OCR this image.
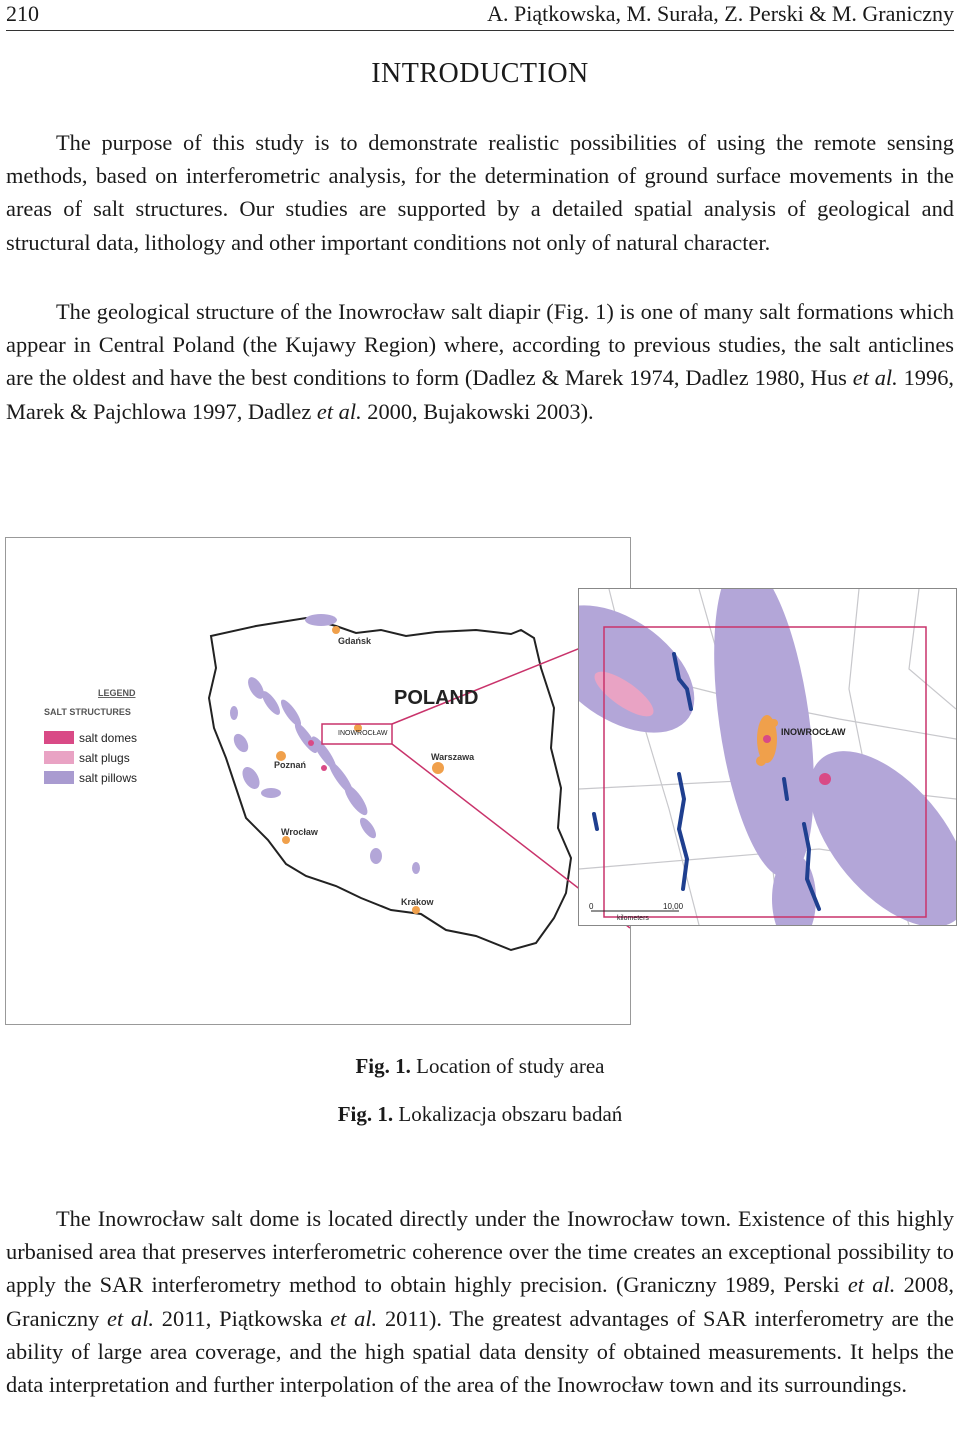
210	A. Piątkowska, M. Surała, Z. Perski & M. Graniczny
INTRODUCTION

The purpose of this study is to demonstrate realistic possibilities of using the remote sensing methods, based on interferometric analysis, for the determination of ground surface movements in the areas of salt structures. Our studies are supported by a detailed spatial analysis of geological and structural data, lithology and other important conditions not only of natural character.

The geological structure of the Inowrocław salt diapir (Fig. 1) is one of many salt formations which appear in Central Poland (the Kujawy Region) where, according to previous studies, the salt anticlines are the oldest and have the best conditions to form (Dadlez & Marek 1974, Dadlez 1980, Hus et al. 1996, Marek & Pajchlowa 1997, Dadlez et al. 2000, Bujakowski 2003).

Gdańsk
Poznań
Warszawa
Wrocław
Krakow
INOWROCŁAW
POLAND
LEGEND
SALT STRUCTURES
salt domes
salt plugs
salt pillows
INOWROCŁAW
0	10,00
kilometers
Fig. 1. Location of study area
Fig. 1. Lokalizacja obszaru badań

The Inowrocław salt dome is located directly under the Inowrocław town. Existence of this highly urbanised area that preserves interferometric coherence over the time creates an exceptional possibility to apply the SAR interferometry method to obtain highly precision. (Graniczny 1989, Perski et al. 2008, Graniczny et al. 2011, Piątkowska et al. 2011). The greatest advantages of SAR interferometry are the ability of large area coverage, and the high spatial data density of obtained measurements. It helps the data interpretation and further interpolation of the area of the Inowrocław town and its surroundings.
